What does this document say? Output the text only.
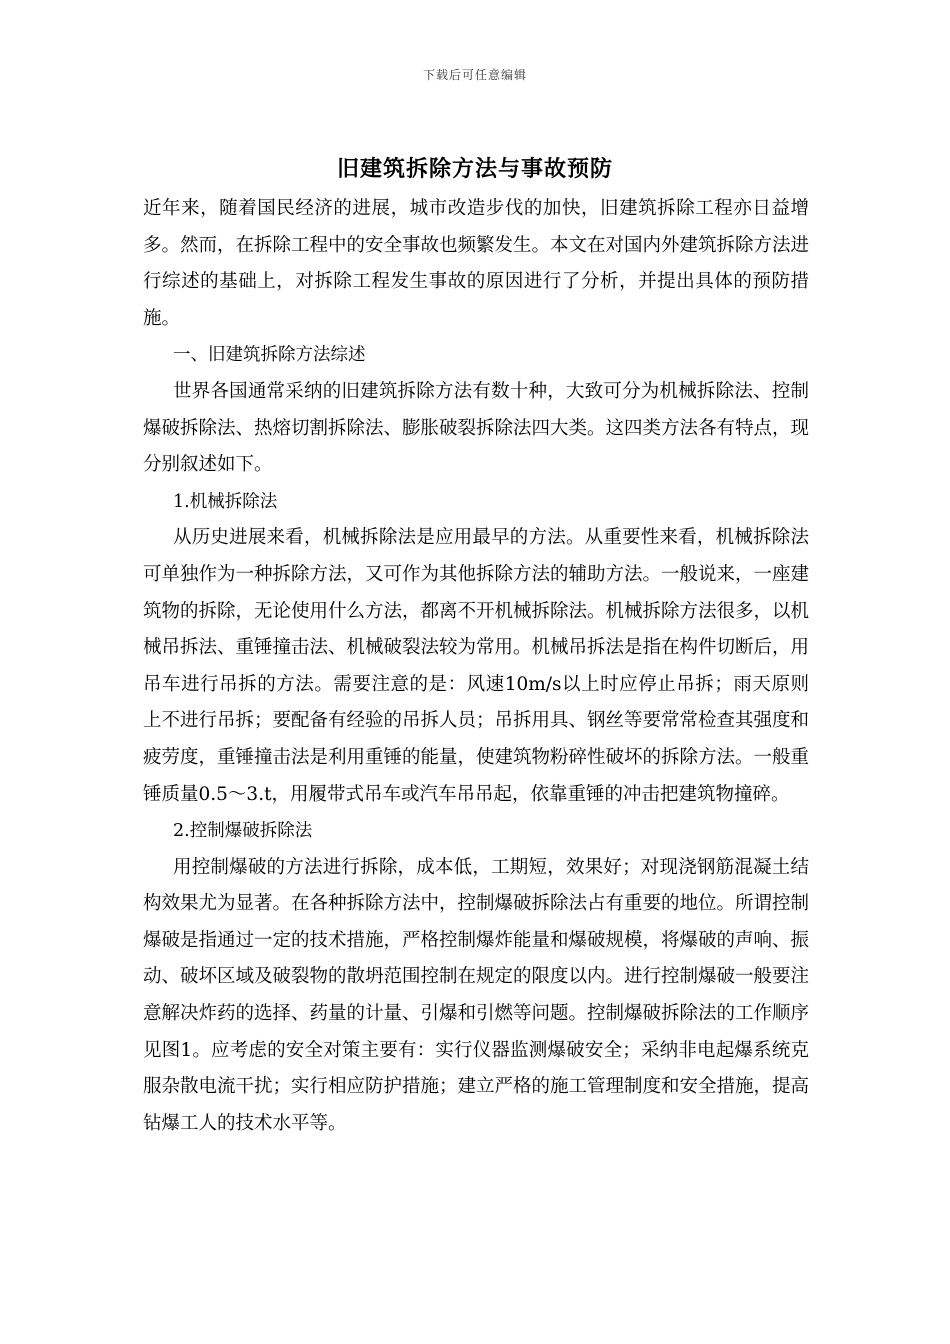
下载后可任意编辑
旧建筑拆除方法与事故预防

近年来，随着国民经济的进展，城市改造步伐的加快，旧建筑拆除工程亦日益增多。然而，在拆除工程中的安全事故也频繁发生。本文在对国内外建筑拆除方法进行综述的基础上，对拆除工程发生事故的原因进行了分析，并提出具体的预防措施。

一、旧建筑拆除方法综述

世界各国通常采纳的旧建筑拆除方法有数十种，大致可分为机械拆除法、控制爆破拆除法、热熔切割拆除法、膨胀破裂拆除法四大类。这四类方法各有特点，现分别叙述如下。

1.机械拆除法

从历史进展来看，机械拆除法是应用最早的方法。从重要性来看，机械拆除法可单独作为一种拆除方法，又可作为其他拆除方法的辅助方法。一般说来，一座建筑物的拆除，无论使用什么方法，都离不开机械拆除法。机械拆除方法很多，以机械吊拆法、重锤撞击法、机械破裂法较为常用。机械吊拆法是指在构件切断后，用吊车进行吊拆的方法。需要注意的是：风速10m/s以上时应停止吊拆；雨天原则上不进行吊拆；要配备有经验的吊拆人员；吊拆用具、钢丝等要常常检查其强度和疲劳度，重锤撞击法是利用重锤的能量，使建筑物粉碎性破坏的拆除方法。一般重锤质量0.5～3.t，用履带式吊车或汽车吊吊起，依靠重锤的冲击把建筑物撞碎。

2.控制爆破拆除法

用控制爆破的方法进行拆除，成本低，工期短，效果好；对现浇钢筋混凝土结构效果尤为显著。在各种拆除方法中，控制爆破拆除法占有重要的地位。所谓控制爆破是指通过一定的技术措施，严格控制爆炸能量和爆破规模，将爆破的声响、振动、破坏区域及破裂物的散坍范围控制在规定的限度以内。进行控制爆破一般要注意解决炸药的选择、药量的计量、引爆和引燃等问题。控制爆破拆除法的工作顺序见图1。应考虑的安全对策主要有：实行仪器监测爆破安全；采纳非电起爆系统克服杂散电流干扰；实行相应防护措施；建立严格的施工管理制度和安全措施，提高钻爆工人的技术水平等。
